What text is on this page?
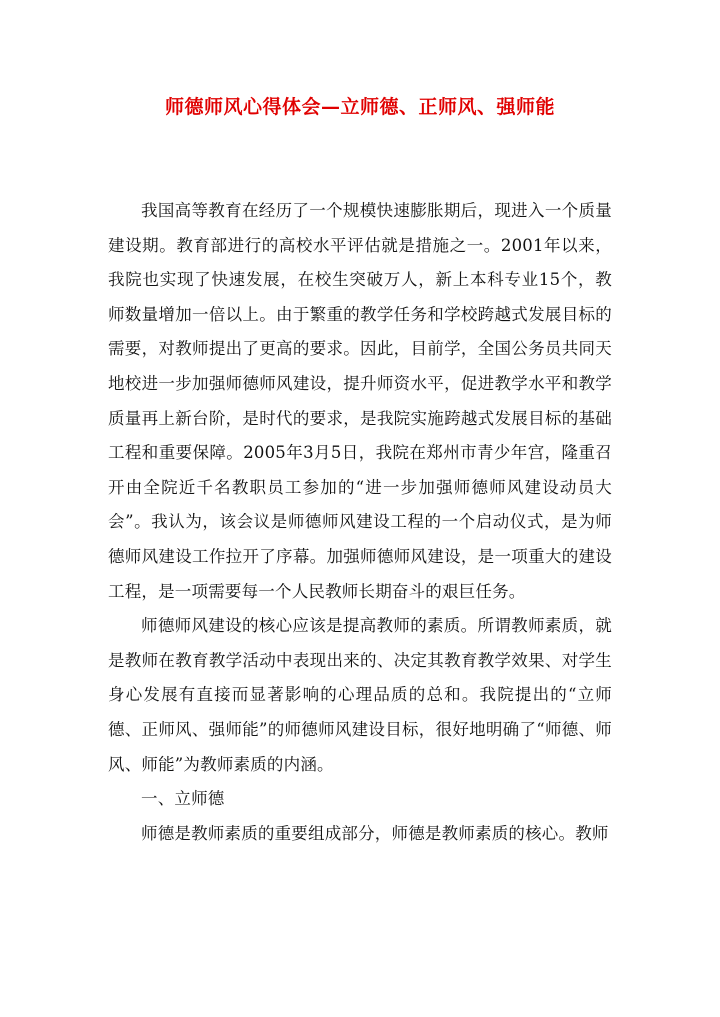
师德师风心得体会—立师德、正师风、强师能

我国高等教育在经历了一个规模快速膨胀期后，现进入一个质量建设期。教育部进行的高校水平评估就是措施之一。2001年以来，我院也实现了快速发展，在校生突破万人，新上本科专业15个，教师数量增加一倍以上。由于繁重的教学任务和学校跨越式发展目标的需要，对教师提出了更高的要求。因此，目前学，全国公务员共同天地校进一步加强师德师风建设，提升师资水平，促进教学水平和教学质量再上新台阶，是时代的要求，是我院实施跨越式发展目标的基础工程和重要保障。2005年3月5日，我院在郑州市青少年宫，隆重召开由全院近千名教职员工参加的“进一步加强师德师风建设动员大会”。我认为，该会议是师德师风建设工程的一个启动仪式，是为师德师风建设工作拉开了序幕。加强师德师风建设，是一项重大的建设工程，是一项需要每一个人民教师长期奋斗的艰巨任务。

师德师风建设的核心应该是提高教师的素质。所谓教师素质，就是教师在教育教学活动中表现出来的、决定其教育教学效果、对学生身心发展有直接而显著影响的心理品质的总和。我院提出的“立师德、正师风、强师能”的师德师风建设目标，很好地明确了“师德、师风、师能”为教师素质的内涵。

一、立师德

师德是教师素质的重要组成部分，师德是教师素质的核心。教师
